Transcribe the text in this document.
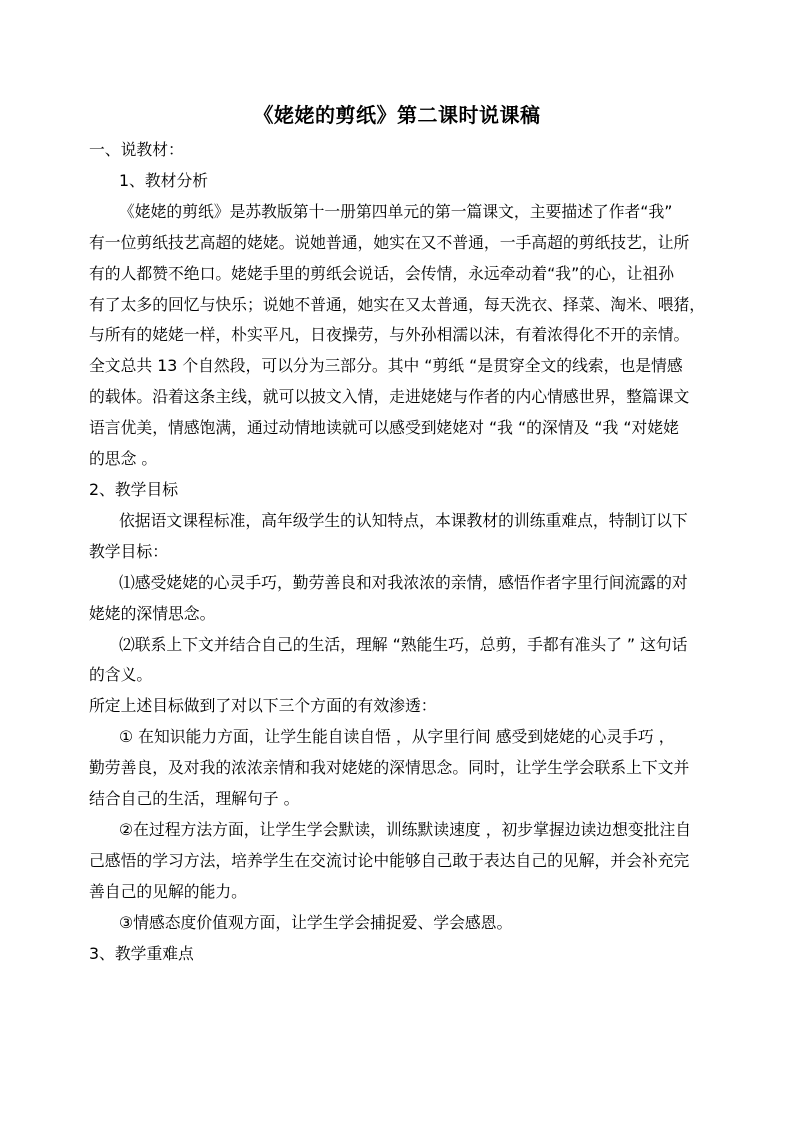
《姥姥的剪纸》第二课时说课稿
一、说教材：
1、教材分析
《姥姥的剪纸》是苏教版第十一册第四单元的第一篇课文，主要描述了作者“我”
有一位剪纸技艺高超的姥姥。说她普通，她实在又不普通，一手高超的剪纸技艺，让所
有的人都赞不绝口。姥姥手里的剪纸会说话，会传情，永远牵动着“我”的心，让祖孙
有了太多的回忆与快乐；说她不普通，她实在又太普通，每天洗衣、择菜、淘米、喂猪，
与所有的姥姥一样，朴实平凡，日夜操劳，与外孙相濡以沫，有着浓得化不开的亲情。
全文总共 13 个自然段，可以分为三部分。其中 “剪纸 “是贯穿全文的线索，也是情感
的载体。沿着这条主线，就可以披文入情，走进姥姥与作者的内心情感世界，整篇课文
语言优美，情感饱满，通过动情地读就可以感受到姥姥对 “我 “的深情及 “我 “对姥姥
的思念 。
2、教学目标
依据语文课程标准，高年级学生的认知特点，本课教材的训练重难点，特制订以下
教学目标：
⑴感受姥姥的心灵手巧，勤劳善良和对我浓浓的亲情，感悟作者字里行间流露的对
姥姥的深情思念。
⑵联系上下文并结合自己的生活，理解 “熟能生巧，总剪，手都有准头了 ” 这句话
的含义。
所定上述目标做到了对以下三个方面的有效渗透：
① 在知识能力方面，让学生能自读自悟 ，从字里行间 感受到姥姥的心灵手巧 ，
勤劳善良，及对我的浓浓亲情和我对姥姥的深情思念。同时，让学生学会联系上下文并
结合自己的生活，理解句子 。
②在过程方法方面，让学生学会默读，训练默读速度 ，初步掌握边读边想变批注自
己感悟的学习方法，培养学生在交流讨论中能够自己敢于表达自己的见解，并会补充完
善自己的见解的能力。
③情感态度价值观方面，让学生学会捕捉爱、学会感恩。
3、教学重难点
